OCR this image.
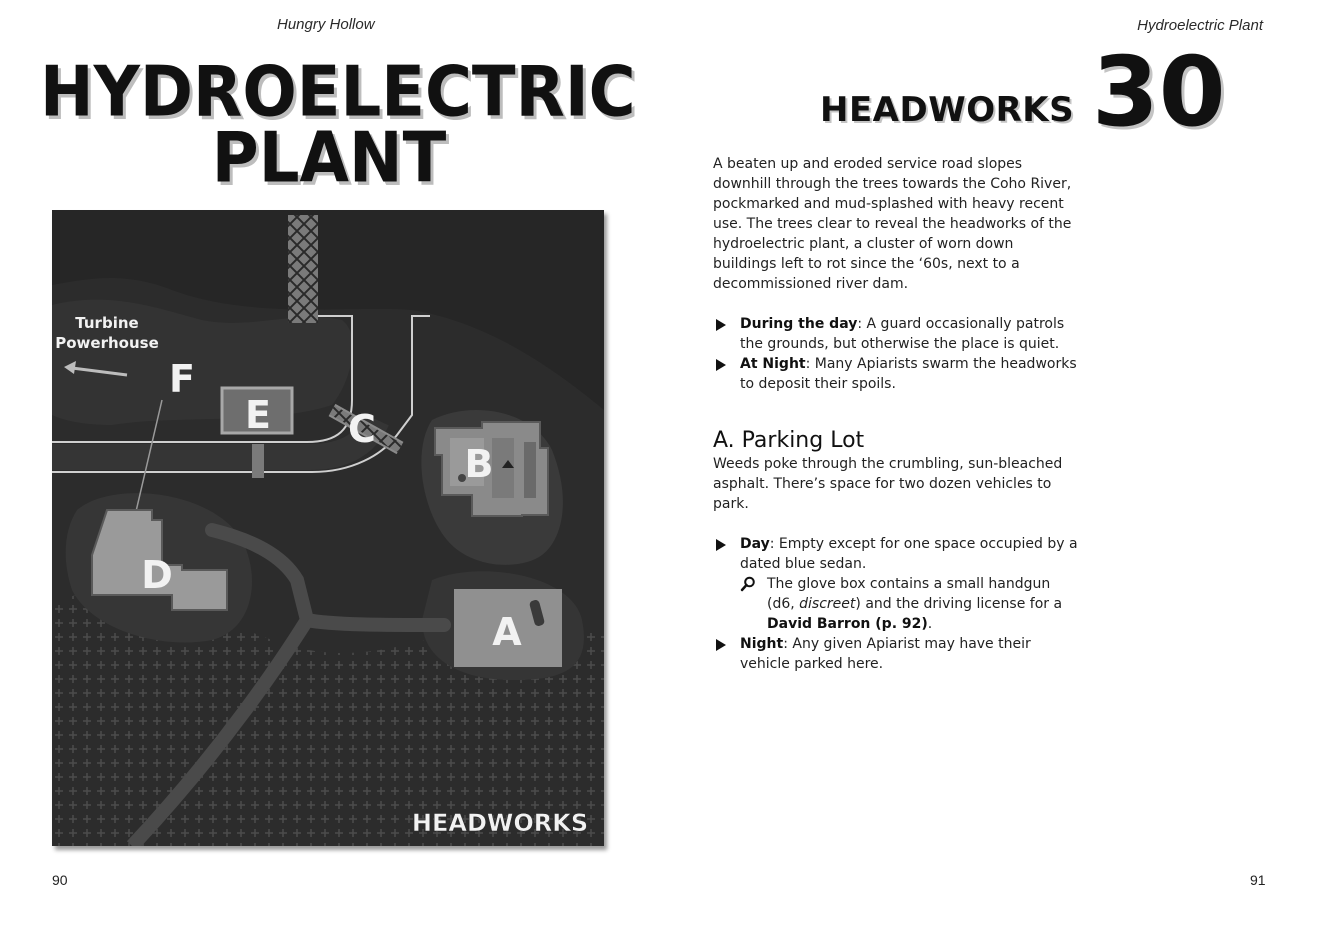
Hungry Hollow
HYDROELECTRIC
PLANT
Turbine
Powerhouse
F
E C
B
D
A
HEADWORKS
90
Hydroelectric Plant
HEADWORKS 30

A beaten up and eroded service road slopes downhill through the trees towards the Coho River, pockmarked and mud-splashed with heavy recent use. The trees clear to reveal the headworks of the hydroelectric plant, a cluster of worn down buildings left to rot since the ‘60s, next to a decommissioned river dam.

During the day: A guard occasionally patrols the grounds, but otherwise the place is quiet.
At Night: Many Apiarists swarm the headworks to deposit their spoils.
A. Parking Lot

Weeds poke through the crumbling, sun-bleached asphalt. There’s space for two dozen vehicles to park.

Day: Empty except for one space occupied by a dated blue sedan.
The glove box contains a small handgun (d6, discreet) and the driving license for a David Barron (p. 92).
Night: Any given Apiarist may have their vehicle parked here.
91
